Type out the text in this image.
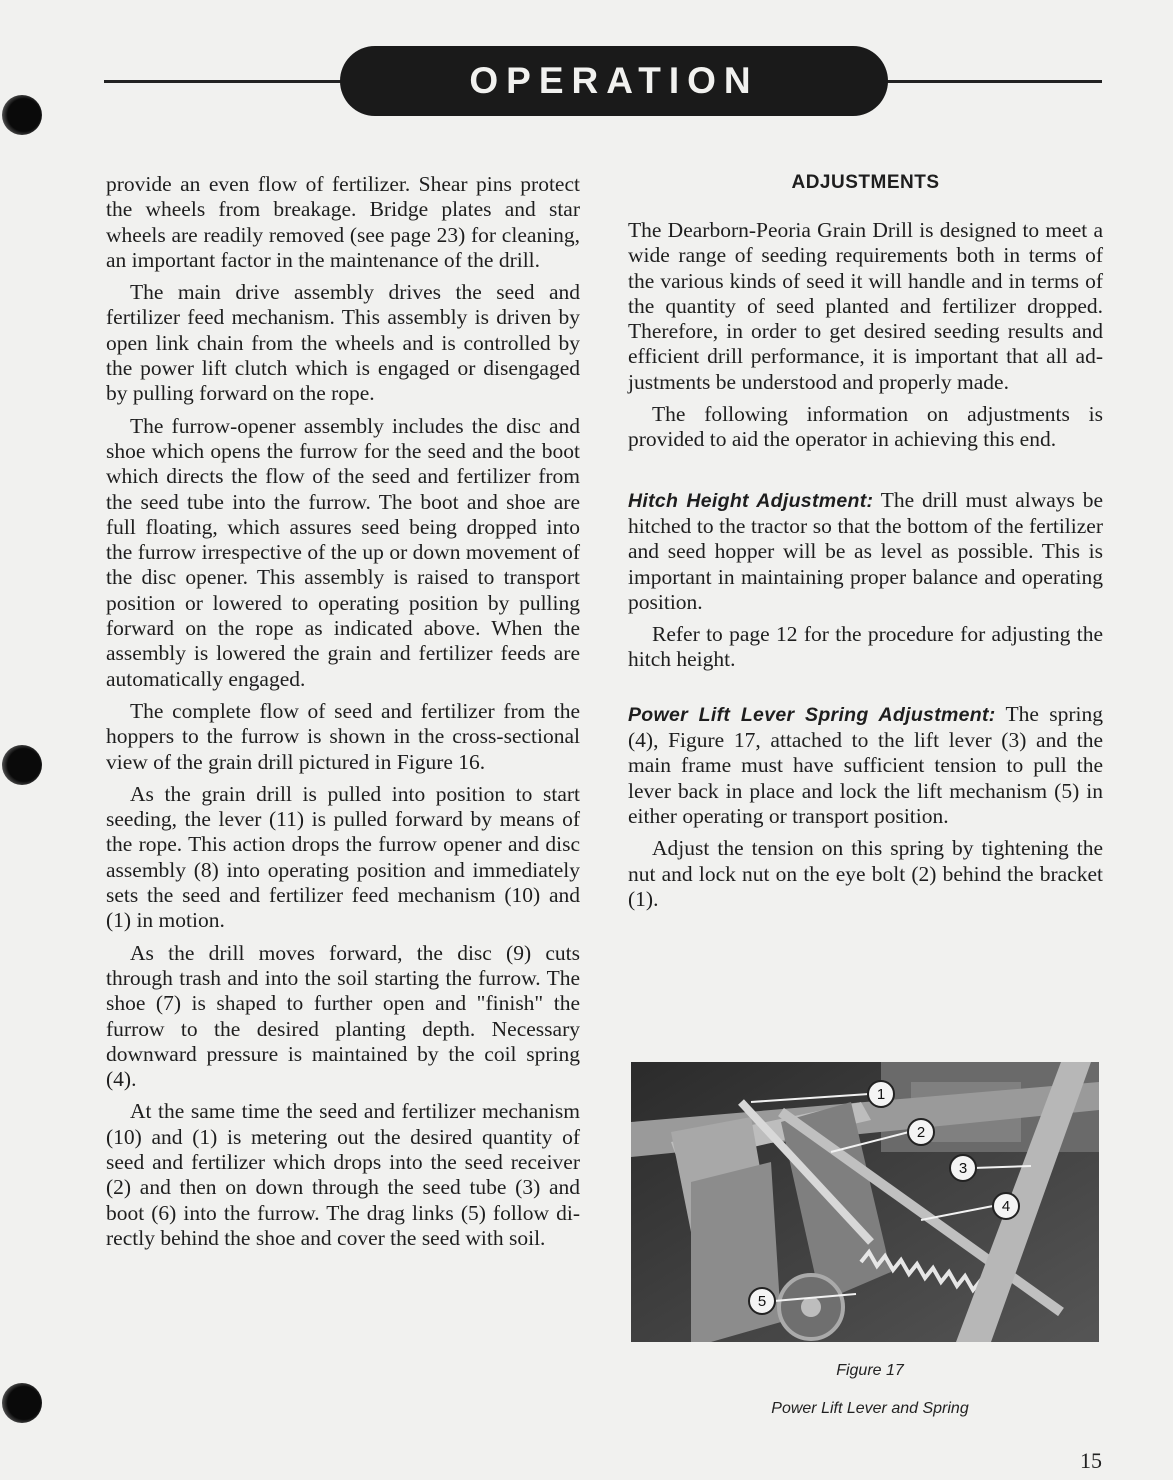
OPERATION

provide an even flow of fertilizer. Shear pins protect the wheels from breakage. Bridge plates and star wheels are readily removed (see page 23) for cleaning, an important factor in the maintenance of the drill.

The main drive assembly drives the seed and fertilizer feed mechanism. This assembly is driven by open link chain from the wheels and is controlled by the power lift clutch which is engaged or disengaged by pulling forward on the rope.

The furrow-opener assembly includes the disc and shoe which opens the furrow for the seed and the boot which directs the flow of the seed and fertilizer from the seed tube into the furrow. The boot and shoe are full floating, which assures seed being dropped into the furrow irrespective of the up or down movement of the disc opener. This assembly is raised to transport position or lowered to operating position by pulling forward on the rope as indicated above. When the assembly is lowered the grain and fertilizer feeds are automatically engaged.

The complete flow of seed and fertilizer from the hoppers to the furrow is shown in the cross-sectional view of the grain drill pictured in Figure 16.

As the grain drill is pulled into position to start seeding, the lever (11) is pulled forward by means of the rope. This action drops the furrow opener and disc assembly (8) into operating position and immediately sets the seed and fertilizer feed mechanism (10) and (1) in motion.

As the drill moves forward, the disc (9) cuts through trash and into the soil starting the furrow. The shoe (7) is shaped to further open and "finish" the furrow to the desired planting depth. Necessary downward pressure is maintained by the coil spring (4).

At the same time the seed and fertilizer mechanism (10) and (1) is metering out the desired quantity of seed and fertilizer which drops into the seed receiver (2) and then on down through the seed tube (3) and boot (6) into the furrow. The drag links (5) follow directly behind the shoe and cover the seed with soil.

ADJUSTMENTS

The Dearborn-Peoria Grain Drill is designed to meet a wide range of seeding requirements both in terms of the various kinds of seed it will handle and in terms of the quantity of seed planted and fertilizer dropped. Therefore, in order to get desired seeding results and efficient drill performance, it is important that all adjustments be understood and properly made.

The following information on adjustments is provided to aid the operator in achieving this end.

Hitch Height Adjustment: The drill must always be hitched to the tractor so that the bottom of the fertilizer and seed hopper will be as level as possible. This is important in maintaining proper balance and operating position.

Refer to page 12 for the procedure for adjusting the hitch height.

Power Lift Lever Spring Adjustment: The spring (4), Figure 17, attached to the lift lever (3) and the main frame must have sufficient tension to pull the lever back in place and lock the lift mechanism (5) in either operating or transport position.

Adjust the tension on this spring by tightening the nut and lock nut on the eye bolt (2) behind the bracket (1).

1
2
3
4
5
Figure 17
Power Lift Lever and Spring
15
